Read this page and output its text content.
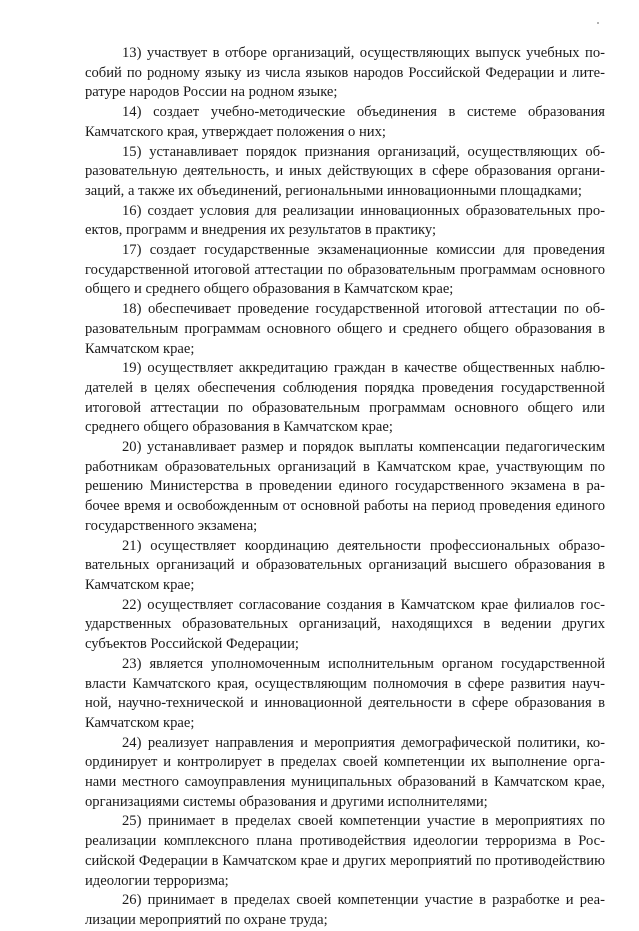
13) участвует в отборе организаций, осуществляющих выпуск учебных пособий по родному языку из числа языков народов Российской Федерации и литературе народов России на родном языке;

14) создает учебно-методические объединения в системе образования Камчатского края, утверждает положения о них;

15) устанавливает порядок признания организаций, осуществляющих образовательную деятельность, и иных действующих в сфере образования организаций, а также их объединений, региональными инновационными площадками;

16) создает условия для реализации инновационных образовательных проектов, программ и внедрения их результатов в практику;

17) создает государственные экзаменационные комиссии для проведения государственной итоговой аттестации по образовательным программам основного общего и среднего общего образования в Камчатском крае;

18) обеспечивает проведение государственной итоговой аттестации по образовательным программам основного общего и среднего общего образования в Камчатском крае;

19) осуществляет аккредитацию граждан в качестве общественных наблюдателей в целях обеспечения соблюдения порядка проведения государственной итоговой аттестации по образовательным программам основного общего или среднего общего образования в Камчатском крае;

20) устанавливает размер и порядок выплаты компенсации педагогическим работникам образовательных организаций в Камчатском крае, участвующим по решению Министерства в проведении единого государственного экзамена в рабочее время и освобожденным от основной работы на период проведения единого государственного экзамена;

21) осуществляет координацию деятельности профессиональных образовательных организаций и образовательных организаций высшего образования в Камчатском крае;

22) осуществляет согласование создания в Камчатском крае филиалов государственных образовательных организаций, находящихся в ведении других субъектов Российской Федерации;

23) является уполномоченным исполнительным органом государственной власти Камчатского края, осуществляющим полномочия в сфере развития научной, научно-технической и инновационной деятельности в сфере образования в Камчатском крае;

24) реализует направления и мероприятия демографической политики, координирует и контролирует в пределах своей компетенции их выполнение органами местного самоуправления муниципальных образований в Камчатском крае, организациями системы образования и другими исполнителями;

25) принимает в пределах своей компетенции участие в мероприятиях по реализации комплексного плана противодействия идеологии терроризма в Российской Федерации в Камчатском крае и других мероприятий по противодействию идеологии терроризма;

26) принимает в пределах своей компетенции участие в разработке и реализации мероприятий по охране труда;
